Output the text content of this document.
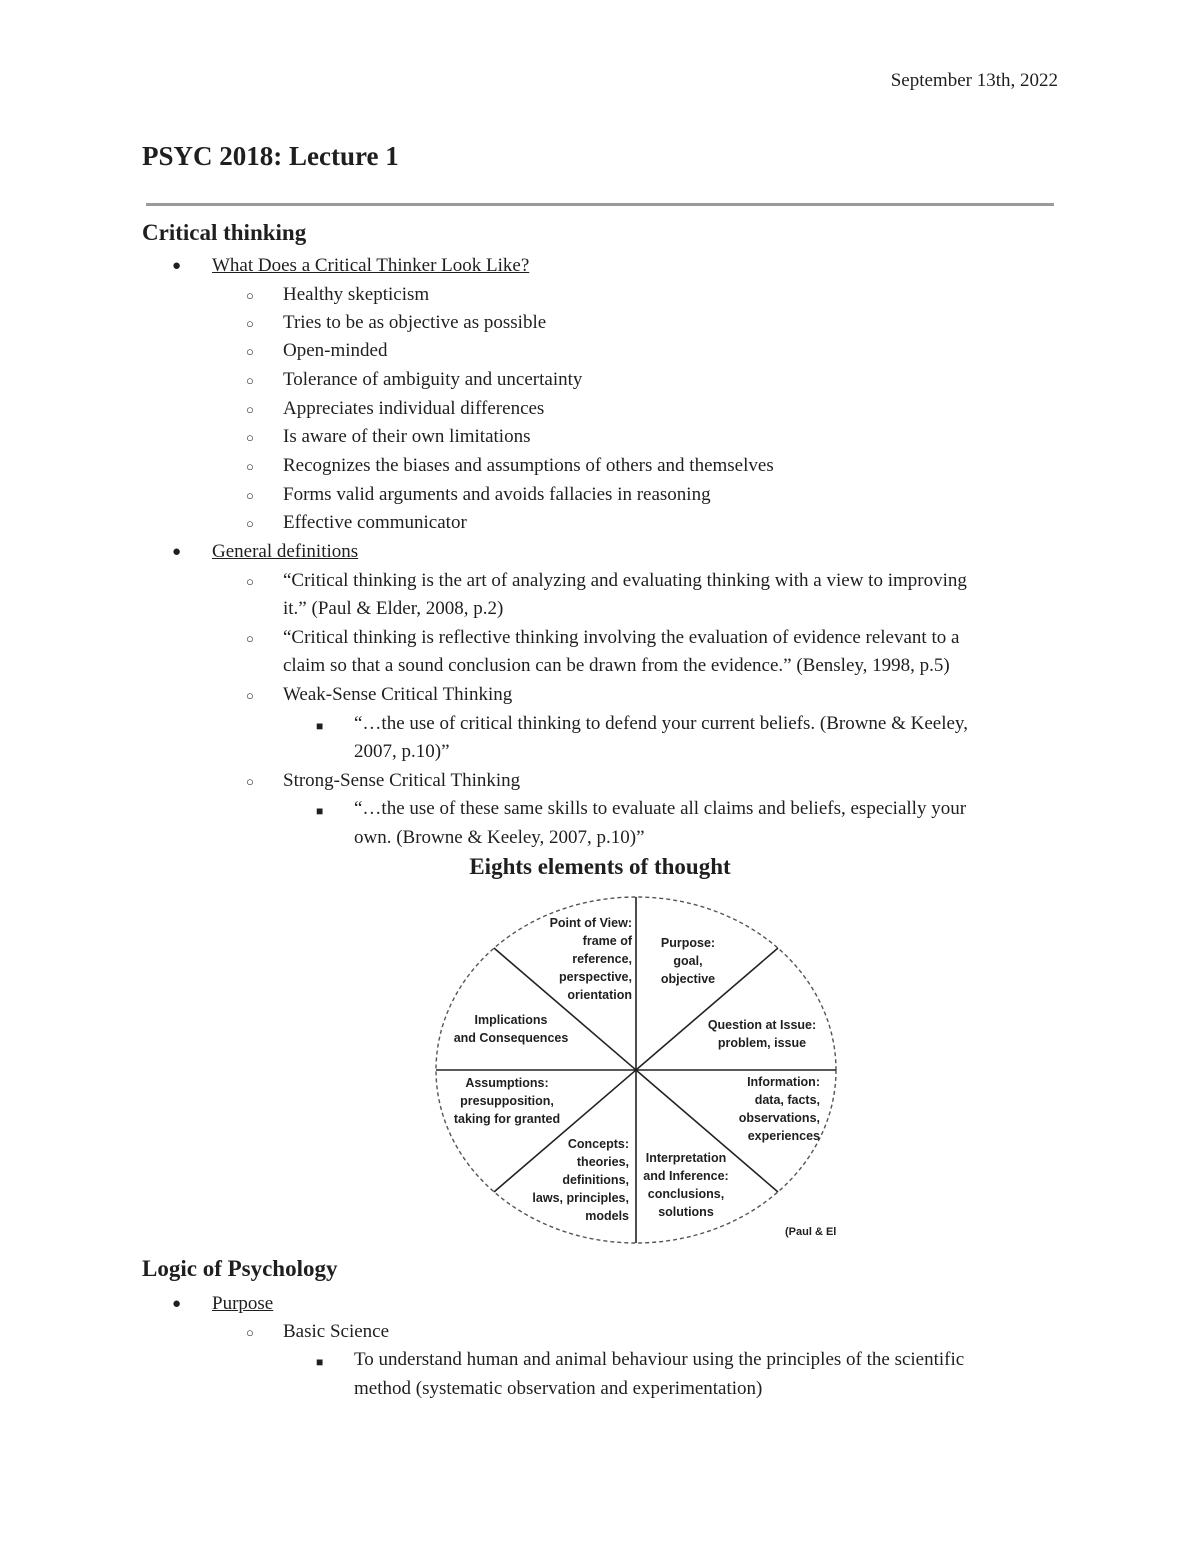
September 13th, 2022
PSYC 2018: Lecture 1
Critical thinking
● What Does a Critical Thinker Look Like?
○ Healthy skepticism
○ Tries to be as objective as possible
○ Open-minded
○ Tolerance of ambiguity and uncertainty
○ Appreciates individual differences
○ Is aware of their own limitations
○ Recognizes the biases and assumptions of others and themselves
○ Forms valid arguments and avoids fallacies in reasoning
○ Effective communicator
● General definitions
○ “Critical thinking is the art of analyzing and evaluating thinking with a view to improving
it.” (Paul & Elder, 2008, p.2)
○ “Critical thinking is reflective thinking involving the evaluation of evidence relevant to a
claim so that a sound conclusion can be drawn from the evidence.” (Bensley, 1998, p.5)
○ Weak-Sense Critical Thinking
■ “…the use of critical thinking to defend your current beliefs. (Browne & Keeley,
2007, p.10)”
○ Strong-Sense Critical Thinking
■ “…the use of these same skills to evaluate all claims and beliefs, especially your
own. (Browne & Keeley, 2007, p.10)”
Eights elements of thought
Point of View:
frame of
reference,
perspective,
orientation
Purpose:
goal,
objective
Question at Issue:
problem, issue
Information:
data, facts,
observations,
experiences
Interpretation
and Inference:
conclusions,
solutions
Concepts:
theories,
definitions,
laws, principles,
models
Assumptions:
presupposition,
taking for granted
Implications
and Consequences
(Paul & El
Logic of Psychology
● Purpose
○ Basic Science
■ To understand human and animal behaviour using the principles of the scientific
method (systematic observation and experimentation)
